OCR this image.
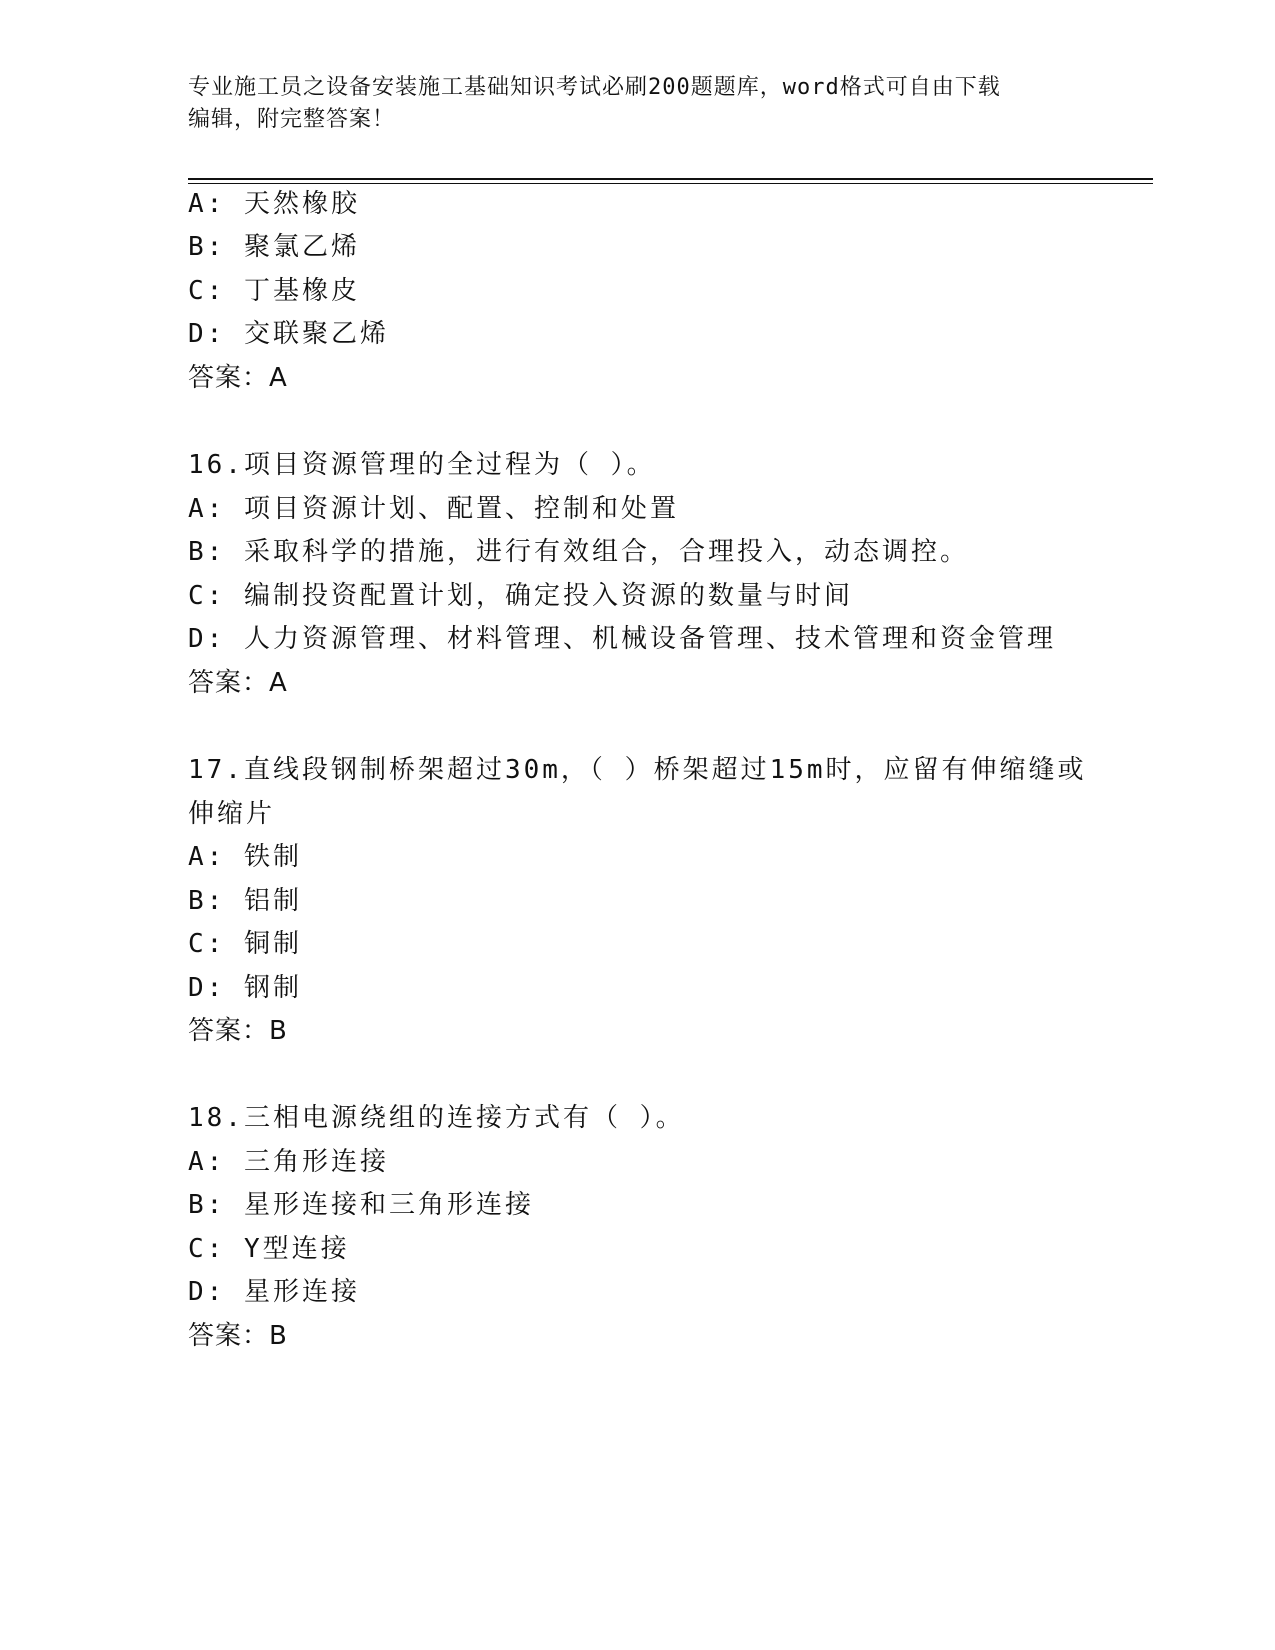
专业施工员之设备安装施工基础知识考试必刷200题题库，word格式可自由下载
编辑，附完整答案！
A: 天然橡胶
B: 聚氯乙烯
C: 丁基橡皮
D: 交联聚乙烯
答案：A
16.项目资源管理的全过程为（ ）。
A: 项目资源计划、配置、控制和处置
B: 采取科学的措施，进行有效组合，合理投入，动态调控。
C: 编制投资配置计划，确定投入资源的数量与时间
D: 人力资源管理、材料管理、机械设备管理、技术管理和资金管理
答案：A
17.直线段钢制桥架超过30m，（ ）桥架超过15m时，应留有伸缩缝或
伸缩片
A: 铁制
B: 铝制
C: 铜制
D: 钢制
答案：B
18.三相电源绕组的连接方式有（ ）。
A: 三角形连接
B: 星形连接和三角形连接
C: Y型连接
D: 星形连接
答案：B
